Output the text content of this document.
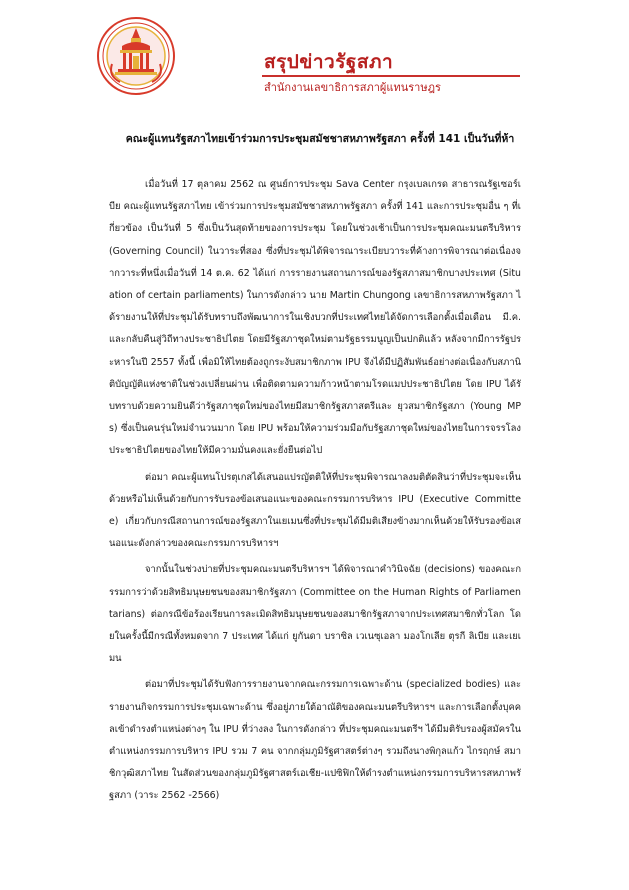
สรุปข่าวรัฐสภา
สำนักงานเลขาธิการสภาผู้แทนราษฎร
คณะผู้แทนรัฐสภาไทยเข้าร่วมการประชุมสมัชชาสหภาพรัฐสภา ครั้งที่ 141 เป็นวันที่ห้า

เมื่อวันที่ 17 ตุลาคม 2562 ณ ศูนย์การประชุม Sava Center กรุงเบลเกรด สาธารณรัฐเซอร์เบีย คณะผู้แทนรัฐสภาไทย เข้าร่วมการประชุมสมัชชาสหภาพรัฐสภา ครั้งที่ 141 และการประชุมอื่น ๆ ที่เกี่ยวข้อง เป็นวันที่ 5 ซึ่งเป็นวันสุดท้ายของการประชุม โดยในช่วงเช้าเป็นการประชุมคณะมนตรีบริหาร (Governing Council) ในวาระที่สอง ซึ่งที่ประชุมได้พิจารณาระเบียบวาระที่ค้างการพิจารณาต่อเนื่องจากวาระที่หนึ่งเมื่อวันที่ 14 ต.ค. 62 ได้แก่ การรายงานสถานการณ์ของรัฐสภาสมาชิกบางประเทศ (Situation of certain parliaments) ในการดังกล่าว นาย Martin Chungong เลขาธิการสหภาพรัฐสภา ได้รายงานให้ที่ประชุมได้รับทราบถึงพัฒนาการในเชิงบวกที่ประเทศไทยได้จัดการเลือกตั้งเมื่อเดือน มี.ค. และกลับคืนสู่วิถีทางประชาธิปไตย โดยมีรัฐสภาชุดใหม่ตามรัฐธรรมนูญเป็นปกติแล้ว หลังจากมีการรัฐประหารในปี 2557 ทั้งนี้ เพื่อมิให้ไทยต้องถูกระงับสมาชิกภาพ IPU จึงได้มีปฏิสัมพันธ์อย่างต่อเนื่องกับสภานิติบัญญัติแห่งชาติในช่วงเปลี่ยนผ่าน เพื่อติดตามความก้าวหน้าตามโรดแมปประชาธิปไตย โดย IPU ได้รับทราบด้วยความยินดีว่ารัฐสภาชุดใหม่ของไทยมีสมาชิกรัฐสภาสตรีและ ยุวสมาชิกรัฐสภา (Young MPs) ซึ่งเป็นคนรุ่นใหม่จำนวนมาก โดย IPU พร้อมให้ความร่วมมือกับรัฐสภาชุดใหม่ของไทยในการจรรโลงประชาธิปไตยของไทยให้มีความมั่นคงและยั่งยืนต่อไป

ต่อมา คณะผู้แทนโปรตุเกสได้เสนอแปรญัตติให้ที่ประชุมพิจารณาลงมติตัดสินว่าที่ประชุมจะเห็นด้วยหรือไม่เห็นด้วยกับการรับรองข้อเสนอแนะของคณะกรรมการบริหาร IPU (Executive Committee) เกี่ยวกับกรณีสถานการณ์ของรัฐสภาในเยเมนซึ่งที่ประชุมได้มีมติเสียงข้างมากเห็นด้วยให้รับรองข้อเสนอแนะดังกล่าวของคณะกรรมการบริหารฯ

จากนั้นในช่วงบ่ายที่ประชุมคณะมนตรีบริหารฯ ได้พิจารณาคำวินิจฉัย (decisions) ของคณะกรรมการว่าด้วยสิทธิมนุษยชนของสมาชิกรัฐสภา (Committee on the Human Rights of Parliamentarians) ต่อกรณีข้อร้องเรียนการละเมิดสิทธิมนุษยชนของสมาชิกรัฐสภาจากประเทศสมาชิกทั่วโลก โดยในครั้งนี้มีกรณีทั้งหมดจาก 7 ประเทศ ได้แก่ ยูกันดา บราซิล เวเนซุเอลา มองโกเลีย ตุรกี ลิเบีย และเยเมน

ต่อมาที่ประชุมได้รับฟังการรายงานจากคณะกรรมการเฉพาะด้าน (specialized bodies) และรายงานกิจกรรมการประชุมเฉพาะด้าน ซึ่งอยู่ภายใต้อาณัติของคณะมนตรีบริหารฯ และการเลือกตั้งบุคคลเข้าดำรงตำแหน่งต่างๆ ใน IPU ที่ว่างลง ในการดังกล่าว ที่ประชุมคณะมนตรีฯ ได้มีมติรับรองผู้สมัครในตำแหน่งกรรมการบริหาร IPU รวม 7 คน จากกลุ่มภูมิรัฐศาสตร์ต่างๆ รวมถึงนางพิกุลแก้ว ไกรฤกษ์ สมาชิกวุฒิสภาไทย ในสัดส่วนของกลุ่มภูมิรัฐศาสตร์เอเชีย-แปซิฟิกให้ดำรงตำแหน่งกรรมการบริหารสหภาพรัฐสภา (วาระ 2562 -2566)
